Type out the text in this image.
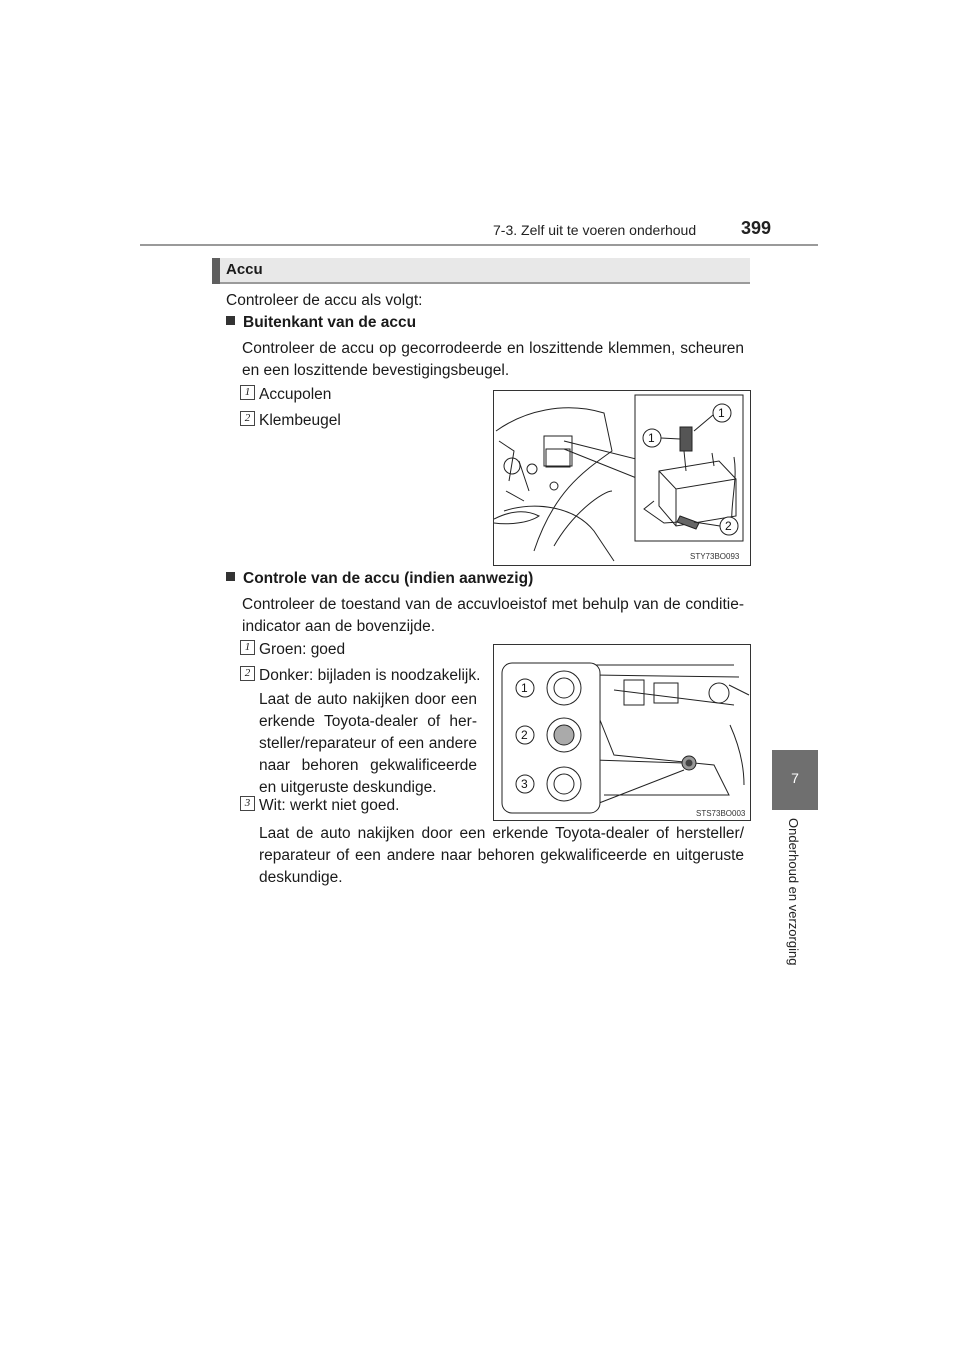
7-3. Zelf uit te voeren onderhoud 399
7
Onderhoud en verzorging
Accu
Controleer de accu als volgt:
Buitenkant van de accu
Controleer de accu op gecorrodeerde en loszittende klemmen, scheuren en een loszittende bevestigingsbeugel.
1 Accupolen
2 Klembeugel	1
1
2
STY73BO093
Controle van de accu (indien aanwezig)
Controleer de toestand van de accuvloeistof met behulp van de conditie-indicator aan de bovenzijde.
1 Groen: goed
2 Donker: bijladen is noodzakelijk.
Laat de auto nakijken door een erkende Toyota-dealer of her-steller/reparateur of een andere naar behoren gekwalificeerde en uitgeruste deskundige.
3 Wit: werkt niet goed.
Laat de auto nakijken door een erkende Toyota-dealer of hersteller/ reparateur of een andere naar behoren gekwalificeerde en uitgeruste deskundige.
1
2
3
STS73BO003
